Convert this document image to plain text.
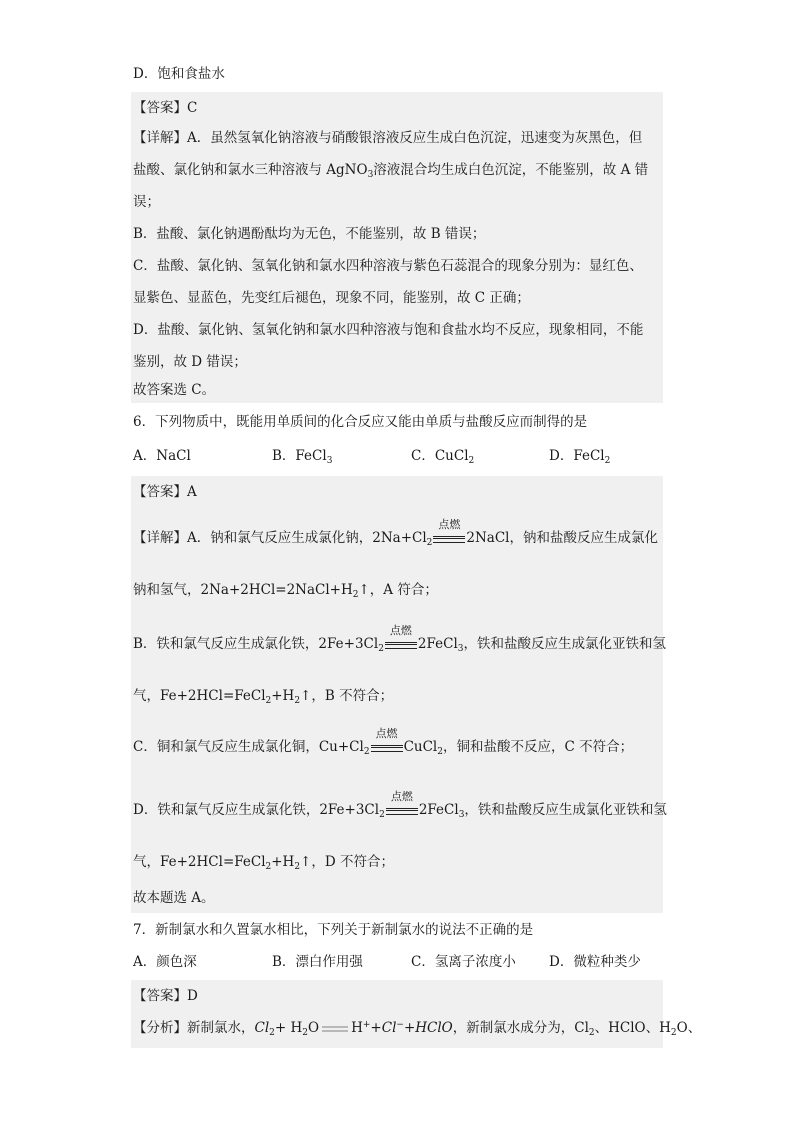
D．饱和食盐水
【答案】C
【详解】A．虽然氢氧化钠溶液与硝酸银溶液反应生成白色沉淀，迅速变为灰黑色，但
盐酸、氯化钠和氯水三种溶液与 AgNO$_3$溶液混合均生成白色沉淀，不能鉴别，故 A 错
误；
B．盐酸、氯化钠遇酚酞均为无色，不能鉴别，故 B 错误；
C．盐酸、氯化钠、氢氧化钠和氯水四种溶液与紫色石蕊混合的现象分别为：显红色、
显紫色、显蓝色，先变红后褪色，现象不同，能鉴别，故 C 正确；
D．盐酸、氯化钠、氢氧化钠和氯水四种溶液与饱和食盐水均不反应，现象相同，不能
鉴别，故 D 错误；
故答案选 C。
6．下列物质中，既能用单质间的化合反应又能由单质与盐酸反应而制得的是
A．NaCl	B．FeCl$_3$	C．CuCl$_2$	D．FeCl$_2$
【答案】A
【详解】A．钠和氯气反应生成氯化钠，$2Na+Cl_2$
点燃
2NaCl，钠和盐酸反应生成氯化
钠和氢气，$2Na+2HCl=2NaCl+H_2↑$，A 符合；
B．铁和氯气反应生成氯化铁，$2Fe+3Cl_2$
点燃
2FeCl$_3$，铁和盐酸反应生成氯化亚铁和氢
气，$Fe+2HCl=FeCl_2+H_2↑$，B 不符合；
C．铜和氯气反应生成氯化铜，$Cu+Cl_2$
点燃
CuCl$_2$，铜和盐酸不反应，C 不符合；
D．铁和氯气反应生成氯化铁，$2Fe+3Cl_2$
点燃
2FeCl$_3$，铁和盐酸反应生成氯化亚铁和氢
气，$Fe+2HCl=FeCl_2+H_2↑$，D 不符合；
故本题选 A。
7．新制氯水和久置氯水相比，下列关于新制氯水的说法不正确的是
A．颜色深	B．漂白作用强	C．氢离子浓度小 D．微粒种类少
【答案】D
【分析】新制氯水，$Cl_2+ H_2O$ H++Cl−+HClO，新制氯水成分为，$Cl_2$、HClO、$H_2O$、
